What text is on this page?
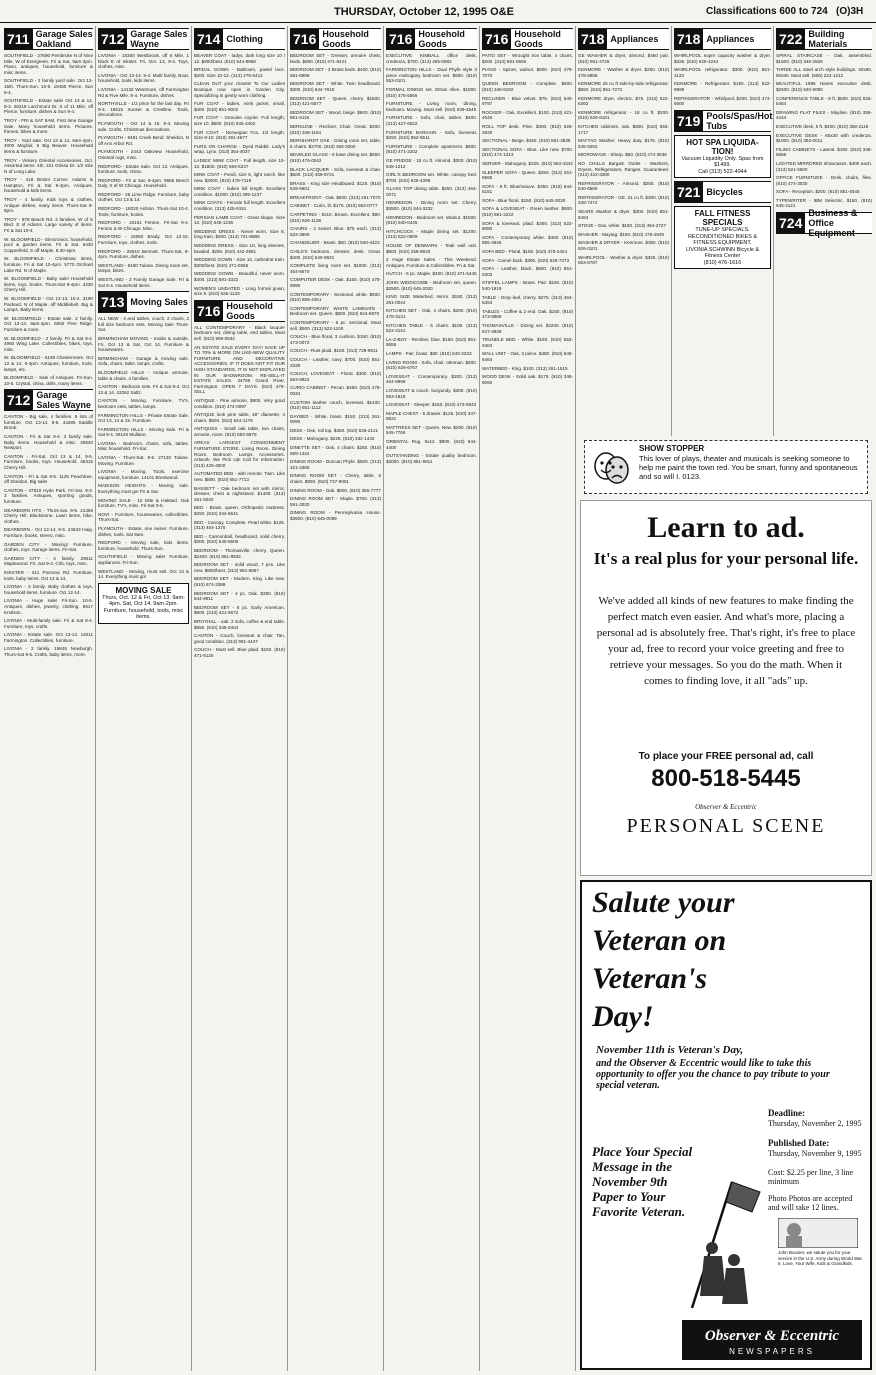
THURSDAY, October 12, 1995 O&E	Classifications 600 to 724 (O)3H
711 Garage Sales Oakland
SOUTHFIELD - 27690 Pembroke N of Nine Mile, W of Evergreen. Fri & Sat, 9am-3pm. Piano, antiques, household, furniture & misc items.
SOUTHFIELD - 2 family yard sale. Oct 12-15th. Thurs-Sun. 10-6. 19450 Pierce, Sun 9-4.
SOUTHFIELD - Estate sale! Oct 13 & 14, 9-3. 26218 Larchmont Dr. S of 11 Mile, off Pierce, furniture, dishes & Sun 9-4.
TROY - FRI & SAT 9AM. First time Garage Sale. Many household items. Pictures, frames, bikes & more.
TROY - Yard sale. Oct 13 & 14, 9am-4pm. 4000 Mayfair, 5 Big Beaver. Household items & furniture.
TROY - Vickery Oriental Accessories. Oct. Assorted items. 4th, 321 Orissa Dr. 1/2 mile N of Long Lake.
TROY - 418 Bristol Corner. Adams & Hampton, Fri & Sat 9-4pm. Antiques, household & kids items.
TROY - 4 family. Kids toys & clothes. Antique dishes, many items. Thurs-Sat 9-5pm.
TROY - 878 Beach Rd. 3 families. W of S Blvd. E of Adams. Large variety of items. Fri & Sat 10-4.
W. BLOOMFIELD - Electronics, household, pool & garden items. Fri & Sat. 6430 Copperfield, S off Maple. 8:30-4pm.
W. BLOOMFIELD - Christmas items, furniture. Fri & Sat 10-4pm. 5770 Orchard Lake Rd. N of Maple.
W. BLOOMFIELD - Baby sale! Household items, toys, books. Thurs-Sat 9-4pm. 4230 Cherry Hill.
W. BLOOMFIELD - Oct 12-13. 10-4. 3190 Packard. N of Maple, off Middlebelt. Big & Lamps. Baby items.
W. BLOOMFIELD - Estate sale. 2 family. Oct 13-14, 8am-4pm. 5060 Pine Ridge. Furniture & more.
W. BLOOMFIELD - 2 family. Fri & Sat 9-4. 4960 Wing Lake. Collectibles, bikes, toys, misc.
W. BLOOMFIELD - 5158 Chestermere. Oct 13 & 14, 9-4pm. Antiques, furniture, tools, lamps, etc.
BLOOMFIELD - Sale of Antiques. Fri-Sun. 10-5. Crystal, china, dolls, many items.
712 Garage Sales Wayne
CANTON - Big sale, 4 families. 5 lots of furniture. Oct 13-14, 9-5. 44285 Saddle Brook.
CANTON - Fri & Sat 9-4. 3 family sale. Baby items. Household & misc. 40640 Newport.
CANTON - Fri-Sat. Oct 13 & 14, 9-5. Furniture, books, toys. Household. 45315 Cherry Hill.
CANTON - Fri & Sat 9-5. 1125 Peachtree, off Sheldon. Big sale!
CANTON - 47810 Hyde Park. Fri-Sat. 9-3. 3 families. Antiques, sporting goods, furniture.
DEARBORN HTS - Thurs-Sat. 9-5. 21465 Cherry Hill, Blackstone. Lawn items, bike, clothes.
DEARBORN - Oct 12-14, 9-5. 24843 Haig. Furniture, books, stereo, misc.
GARDEN CITY - Moving! Furniture, clothes, toys. Garage items. Fri-Sat.
GARDEN CITY - 3 family. 29011 Maplewood. Fri, Sat 9-4. Crib, toys, misc.
INKSTER - 611 Pomona Rd. Furniture, tools, baby items. Oct 13 & 14.
LIVONIA - 3 family. Baby clothes & toys, household items, furniture. Oct 12-14.
LIVONIA - Huge sale! Fri-Sun. 10-5. Antiques, dishes, jewelry, clothing. 9617 Knolson.
LIVONIA - Multi-family sale. Fri & Sat 9-4. Furniture, toys, crafts.
LIVONIA - Estate sale. Oct 13-14. 14011 Farmington. Collectibles, furniture.
LIVONIA - 2 family. 19845 Newburgh. Thurs-Sat 9-5. Crafts, baby items, more.
712 Garage Sales Wayne
LIVONIA - 18300 Westbrook, off 6 Mile. 1 block E of Inkster. Fri, Oct. 13, 9-4. Toys, clothes, misc.
LIVONIA - Oct 13-14. 9-4. Multi family. Boat, household, tools, kids items.
LIVONIA - 14132 Westmore, off Farmington Rd & Five Mile. 9-4. Furniture, dishes.
NORTHVILLE - 1/2 price for the last day. Fri 9-4. 16515 Sunset & Crestline. Tools, decorations.
PLYMOUTH - Oct 14 & 15. 9-4. Moving sale. Crafts, Christmas decorations.
PLYMOUTH - 9481 Creek Bend. Sheldon, N off Ann Arbor Rd.
PLYMOUTH - 2443 Oakview. Household, Oriental rugs, misc.
REDFORD - Estate Sale. Oct 13. Antiques, furniture, tools, china.
REDFORD - Fri & Sat, 9-4pm. 9655 Beech Daly, S of W Chicago. Household.
REDFORD - 26 Lime Ridge. Furniture, baby clothes. Oct 13 & 14.
REDFORD - 18020 Ashton. Thurs-Sat 10-4. Tools, furniture, books.
REDFORD - 15151 Fenton. Fri-Sat 9-4. Fenton & W Chicago. Misc.
REDFORD - 16060 Brady. Oct 13-15. Furniture, toys, clothes, tools.
REDFORD - 25910 Bennett. Thurs-Sat, 9-4pm. Furniture, dishes.
WESTLAND - 8190 Tulane. Dining room set, lamps, bikes.
WESTLAND - 3 Family Garage Sale. Fri & Sat 9-4. Household items.
713 Moving Sales
ALL NEW - 3 and tables, couch, 2 chairs, 2 full size bedroom sets. Moving Sale Thurs-Sat.
BIRMINGHAM MOVING - Inside & outside. Fri, Oct 13 & Sat, Oct 14. Furniture & housewares.
BIRMINGHAM - Garage & moving sale. Sofa, chairs, table, lamps, crafts.
BLOOMFIELD HILLS - Antique armoire, table & chairs. 4 families.
CANTON - Bedroom sets. Fri & Sat 9-4. Oct 13 & 14. 43262 Saltz.
CANTON - Moving. Furniture, TV's, bedroom sets, tables, lamps.
FARMINGTON HILLS - Private Estate Sale. Oct 13, 14 & 15. Furniture.
FARMINGTON HILLS - Moving Sale. Fri & Sat 9-4. 29140 Mullane.
LIVONIA - Bedroom, chairs, sofa, tables. Misc household. Fri-Sat.
LIVONIA - Thurs-Sat. 9-5. 27130 Tulane. Moving. Furniture.
LIVONIA - Moving. Tools, exercise equipment, furniture. 14101 Brentwood.
MADISON HEIGHTS - Moving sale. Everything must go! Fri & Sat.
MOVING SALE - 10 Mile & Halsted. Oak furniture, TV's, misc. Fri-Sat 9-5.
NOVI - Furniture, housewares, collectibles. Thurs-Sat.
PLYMOUTH - Estate, one owner. Furniture, dishes, tools. Sat 9am.
REDFORD - Moving sale, kids items, furniture, household. Thurs-Sun.
SOUTHFIELD - Moving sale! Furniture, appliances. Fri-Sun.
WESTLAND - Moving, must sell. Oct 13 & 14. Everything must go!
MOVING SALE
Thurs, Oct. 12 & Fri, Oct 13. 9am-4pm. Sat, Oct 14. 9am-2pm.
Furniture, household, tools, misc items.
714 Clothing
BEAVER COAT - ladys, dark long size 10 / 12. $800/best. (810) 644-8968
BRIDAL GOWN - Ballroom, pastel lace. $200. Size 10-12. (313) 278-5412
CLEAN OUT your closets! To Our Ladies Boutique now open in Garden City. Specializing in gently worn clothing.
FUR COAT - ladies, mink jacket, small. $400. (810) 851-9002
FUR COAT - Genuine coyote. Full length, size 10. $600. (810) 645-4402
FUR COAT - Norwegian Fox, 1/2 length. Size 8-10. (810) 391-4677
FURS ON CHARGE - Dyed Rabbit. Lady's wrap, Lynx. (313) 354-4037
LADIES' MINK COAT - Full length, size 10-12. $1800. (810) 559-5237
MINK COAT - Fendi, size 6, light ranch, like new. $2000. (810) 478-7119
MINK COAT - ladies full length. Excellent condition. $1000. (810) 399-1237
MINK COATS - Female full length. Excellent condition. (313) 425-9151
PERSIAN LAMB COAT - Great shape. Size 12. (810) 645-1236
WEDDING DRESS - Never worn. Size 8, long train. $200. (313) 721-8888
WEDDING DRESS - Size 10, long sleeves, beaded. $250. (810) 442-2981
WEDDING GOWN - Size 12, cathedral train. $300/best. (810) 471-0065
WEDDING GOWN - Beautiful, never worn. $400. (313) 591-3322
WOMEN'S UNDATED - Long formal gown, size 8. (810) 626-1133
716 Household Goods
ALL CONTEMPORARY - Black lacquer bedroom set, dining table, end tables. Must sell. (810) 968-0532
AN ESTATE SALE EVERY DAY! SAVE UP TO 70% & MORE ON LIKE-NEW QUALITY FURNITURE AND DECORATIVE ACCESSORIES. IF IT DOES NOT FIT OUR HIGH STANDARDS, IT IS NOT DISPLAYED IN OUR SHOWROOM. RE-SELL-IT ESTATE SALES. 34786 Grand River, Farmington. OPEN 7 DAYS. (810) 478-SELL
ANTIQUE - Pine armoire, $800. Very good condition. (810) 474-0097
ANTIQUE look pine table, 48" diameter, 4 chairs. $500. (810) 544-1178
ANTIQUES - Small oak table, two chairs, armoire, more. (810) 693-5879
AREAS LARGEST CONSIGNMENT FURNITURE STORE. Living Room. Dining Room. Bedroom. Lamps. Accessories. Artwork. We Pick Up! Call for Information. (313) 425-4500
AUTOMATED BED - with remote. Twin. Like new. $800. (810) 651-7713
BASSETT - Oak bedroom set with mirror, dresser, chest & nightstand. $1400. (313) 261-5040
BED - Brass, queen, Orthopedic mattress. $250. (810) 344-6641
BED - Canopy, Complete. Pearl white. $125. (313) 464-1376
BED - Cannonball, headboard, solid cherry. $300. (810) 540-5508
BEDROOM - Thomasville, cherry. Queen. $2400. (810) 851-8833
BEDROOM SET - solid wood, 7 pcs. Like new. $900/best. (313) 981-8867
BEDROOM SET - Modern. King. Like new. (810) 674-3388
BEDROOM SET - 4 pc. Oak. $350. (810) 644-9911
BEDROOM SET - 5 pc. Early American. $600. (313) 421-6672
BROYHILL - oak. 2 sofa, coffee & end table. $650. (810) 348-0404
CANTON - Couch, loveseat & chair. Tan, good condition. (313) 981-4447
COUCH - Must sell. Blue plaid. $150. (810) 471-8125
716 Household Goods
BEDROOM SET - Dresser, armoire chest, beds. $800. (810) 471-8421
BEDROOM SET - 2 Brass beds. $400. (810) 681-6999
BEDROOM SET - White. Twin headboard. $300. (810) 644-7815
BEDROOM SET - Queen, cherry. $1500. (313) 421-5577
BEDROOM SET - Wood, beige. $600. (810) 851-6116
BERKLINE - Recliner, Chair. Great. $200. (810) 348-1164
BERNHARDT OAK - Dining room set, table, 6 chairs. $2700. (810) 356-3000
BEVELED GLASS - 8 base dining set. $550. (810) 476-0042
BLACK LACQUER - Sofa, loveseat & chair. $500. (313) 459-8721
BRASS - King size Headboard. $125. (810) 649-6601
BREAKFRONT - Oak. $800. (313) 261-7070
CABINET - Curio, lit. $175. (810) 552-0777
CARPETING - 8x10. Brown. Excellent. $90. (810) 626-1138
CHAIRS - 2 swivel. Blue. $75 each. (313) 533-3890
CHANDELIER - Brass. $60. (810) 540-4423
CHILD'S bedroom, dresser, desk. Great. $400. (810) 540-9921
COMPLETE living room set. $1000. (313) 464-6670
COMPUTER DESK - Oak. $150. (810) 478-8890
CONTEMPORARY - Sectional, white. $600. (810) 855-4451
CONTEMPORARY WHITE LAMINATE - Bedroom set. Queen. $800. (810) 624-8870
CONTEMPORARY - 6 pc. sectional. Must sell. $500. (313) 522-1100
COUCH - Blue floral, 3 cushion. $150. (810) 473-0072
COUCH - Rust plaid. $100. (313) 728-9911
COUCH - Leather, navy. $700. (810) 851-3339
COUCH, LOVESEAT - Floral. $300. (810) 553-9922
CURIO CABINET - Pecan. $450. (810) 478-0034
CUSTOM leather couch, loveseat. $1400. (810) 851-1112
DAYBED - White, brass. $150. (313) 261-9090
DESK - Oak, roll top. $450. (810) 626-2121
DESK - Mahogany. $225. (810) 332-1442
DINETTE SET - Oak, 4 chairs. $250. (810) 589-1342
DINING ROOM - Duncan Phyfe. $500. (313) 421-3388
DINING ROOM SET - Cherry, table, 6 chairs. $900. (810) 737-9001
DINING ROOM - Oak. $800. (810) 356-7777
DINING ROOM SET - Maple. $750. (313) 591-3030
DINING ROOM - Pennsylvania House. $3500. (810) 645-0099
716 Household Goods
EXECUTIVE KIMBALL office desk, credenza, $700. (313) 455-0882
FARMINGTON HILLS - Dual Phyfe style 3 piece mahogany bedroom set. $900. (810) 553-0101
FORMAL DINING set. Ethan Allen. $1800. (810) 476-5555
FURNITURE - Living room, dining, bedroom. Moving. Must sell. (810) 539-4545
FURNITURE - Sofa, chair, tables. $400. (313) 427-6622
FURNITURE BARGAIN - Sofa, loveseat, $250. (810) 852-5511
FURNITURE - Complete apartment. $600. (810) 471-2202
GE FRIDGE - 18 cu ft. Almond. $300. (810) 645-1212
GIRL'S BEDROOM set. White, canopy bed. $700. (810) 626-4399
GLASS TOP dining table. $250. (313) 464-0071
HENREDON - Dining room set. Cherry. $3500. (810) 644-3232
HENREDON - Bedroom set. Walnut. $1500. (810) 540-0445
HITCHCOCK - Maple dining set. $1200. (313) 522-0909
HOUSE OF DENMARK - Teak wall unit. $600. (810) 258-9933
2 Huge Estate Sales - This Weekend. Antiques, Furniture & Collectibles. Fri & Sat.
HUTCH - 6 pc. Maple. $400. (810) 471-5445
JOHN WIDDICOMB - Bedroom set, queen. $2500. (810) 645-2020
KING SIZE Waterbed, mirror. $150. (313) 261-0044
KITCHEN SET - Oak, 4 chairs. $200. (810) 478-3131
KITCHEN TABLE - 5 chairs. $100. (313) 522-4141
LA-Z-BOY - Recliner, blue. $150. (810) 851-5555
LAMPS - Pair, brass. $80. (810) 540-2233
LIVING ROOM - Sofa, chair, ottoman. $500. (810) 626-6767
LOVESEAT - Contemporary. $200. (313) 464-9898
LOVESEAT & couch, burgundy. $300. (810) 553-1818
LOVESEAT - Sleeper. $150. (810) 473-6543
MAPLE CHEST - 5 drawer. $125. (810) 347-8821
MATTRESS SET - Queen. New. $200. (810) 645-7766
ORIENTAL Rug. 9x12. $900. (810) 644-4400
OUTSTANDING - Estate quality bedroom. $3000. (810) 851-9911
716 Household Goods
PATIO SET - Wrought iron table, 4 chairs. $200. (313) 591-5555
PIANO - Spinet, walnut. $900. (810) 478-7070
QUEEN BEDROOM - Complete. $600. (810) 348-8182
RECLINER - Blue velvet. $75. (810) 540-9797
ROCKER - Oak. Excellent. $100. (313) 421-4545
ROLL TOP desk. Pine. $300. (810) 626-2929
SECTIONAL - Beige. $450. (810) 851-3838
SECTIONAL SOFA - Blue. Like new. $700. (810) 474-1313
SERVER - Mahogany. $225. (810) 553-4343
SLEEPER SOFA - Queen. $250. (313) 261-6565
SOFA - 8 ft. Blue/mauve. $350. (810) 644-5151
SOFA - Blue floral. $150. (810) 645-3030
SOFA & LOVESEAT - Green leather. $900. (810) 681-2222
SOFA & loveseat, plaid. $350. (313) 522-8080
SOFA - Contemporary white. $400. (810) 855-4646
SOFA BED - Floral. $150. (810) 478-2424
SOFA - Camel back. $300. (810) 626-7373
SOFA - Leather, black. $600. (810) 851-0303
STIFFEL LAMPS - Brass. Pair. $150. (810) 540-1919
TABLE - Drop leaf, cherry. $275. (313) 464-5353
TABLES - Coffee & 2 end. Oak. $150. (810) 473-8989
THOMASVILLE - Dining set. $2200. (810) 647-3939
TRUNDLE BED - White. $150. (810) 553-0404
WALL UNIT - Oak, 3 piece. $450. (810) 645-6464
WATERBED - King. $100. (313) 261-1515
WOOD DESK - Solid oak. $175. (810) 348-6060
718 Appliances
GE WASHER & dryer, almond, $450 pair. (810) 851-4726
KENMORE - Washer & dryer. $250. (810) 478-5858
KENMORE 25 cu ft side-by-side refrigerator. $550. (810) 851-7272
KENMORE dryer, electric, $75. (313) 522-6363
KENMORE refrigerator - 18 cu ft. $200. (810) 626-8181
KITCHEN cabinets, oak. $800. (810) 553-1717
MAYTAG Washer. Heavy duty. $175. (810) 645-9292
MICROWAVE - Sharp. $50. (810) 474-3636
NO CHILLS Bargain Outlet - Washers, Dryers, Refrigerators, Ranges. Guaranteed. (313) 422-3380
REFRIGERATOR - Almond. $250. (810) 540-6565
REFRIGERATOR - GE. 21 cu ft. $300. (810) 348-7474
SEARS Washer & dryer. $300. (810) 851-8484
STOVE - Gas, white. $150. (313) 464-2727
WASHER - Maytag. $100. (810) 478-4949
WASHER & DRYER - Kenmore. $350. (810) 626-0101
WHIRLPOOL - Washer & dryer. $325. (810) 553-8787
718 Appliances
WHIRLPOOL super capacity washer & dryer. $325. (810) 626-4244
WHIRLPOOL refrigerator. $300. (810) 851-1133
KENMORE - Refrigerator. $150. (313) 522-9999
REFRIGERATOR - Whirlpool, $200. (810) 474-6600
719 Pools/Spas/Hot Tubs
HOT SPA LIQUIDA-TION!
Vacuum Liquidity Only. Spas from $1499.
Call (313) 522-4944
721 Bicycles
FALL FITNESS SPECIALS
TUNE-UP SPECIALS. RECONDITIONED BIKES & FITNESS EQUIPMENT.
LIVONIA SCHWINN Bicycle & Fitness Center
(810) 476-1616
722 Building Materials
SPIRAL STAIRCASE - Oak, assembled. $1500. (810) 349-2828
THREE ALL steel arch style buildings. 40x80, 50x90. Must sell. (800) 222-1212
BEAUTIFUL 1996 Hanes executive desk. $2500. (810) 540-9090
CONFERENCE TABLE - 8 ft. $500. (810) 626-5454
DRAWING FLAT FILES - Mayline. (810) 355-4444
EXECUTIVE desk, 5 ft. $400. (810) 358-2119
EXECUTIVE DESK - 60x30 with credenza. $1000. (810) 353-0011
FILING CABINETS - Lateral. $150. (810) 348-6666
LIGHTED MIRRORED showcases. $400 each. (313) 521-6600
OFFICE FURNITURE - Desk, chairs, files. (810) 474-3030
SOFA - Reception. $200. (810) 851-4545
TYPEWRITER - IBM Selectric. $150. (810) 645-2121
724
Business & Office Equipment
SHOW STOPPER
This lover of plays, theater and musicals is seeking someone to help me paint the town red. You be smart, funny and spontaneous and so will I. 0123.
Learn to ad.
It's a real plus for your personal life.
We've added all kinds of new features to make finding the perfect match even easier. And what's more, placing a personal ad is absolutely free. That's right, it's free to place your ad, free to record your voice greeting and free to retrieve your messages. So you do the math. When it comes to finding love, it all "ads" up.
To place your FREE personal ad, call
800-518-5445
Observer & Eccentric
PERSONAL SCENE
Salute your
Veteran on
Veteran's
Day!
November 11th is Veteran's Day,
and the Observer & Eccentric would like to take this opportunity to offer you the chance to pay tribute to your special veteran.
Place Your Special Message in the November 9th Paper to Your Favorite Veteran.
Deadline:
Thursday, November 2, 1995
Published Date:
Thursday, November 9, 1995
Cost: $2.25 per line, 3 line minimum
Photo Photos are accepted and will take 12 lines.
John Bouvier, we salute you for your service in the U.S. Army during World War II. Love, Your Wife, Kids & Grandkids.
Observer & Eccentric
NEWSPAPERS
